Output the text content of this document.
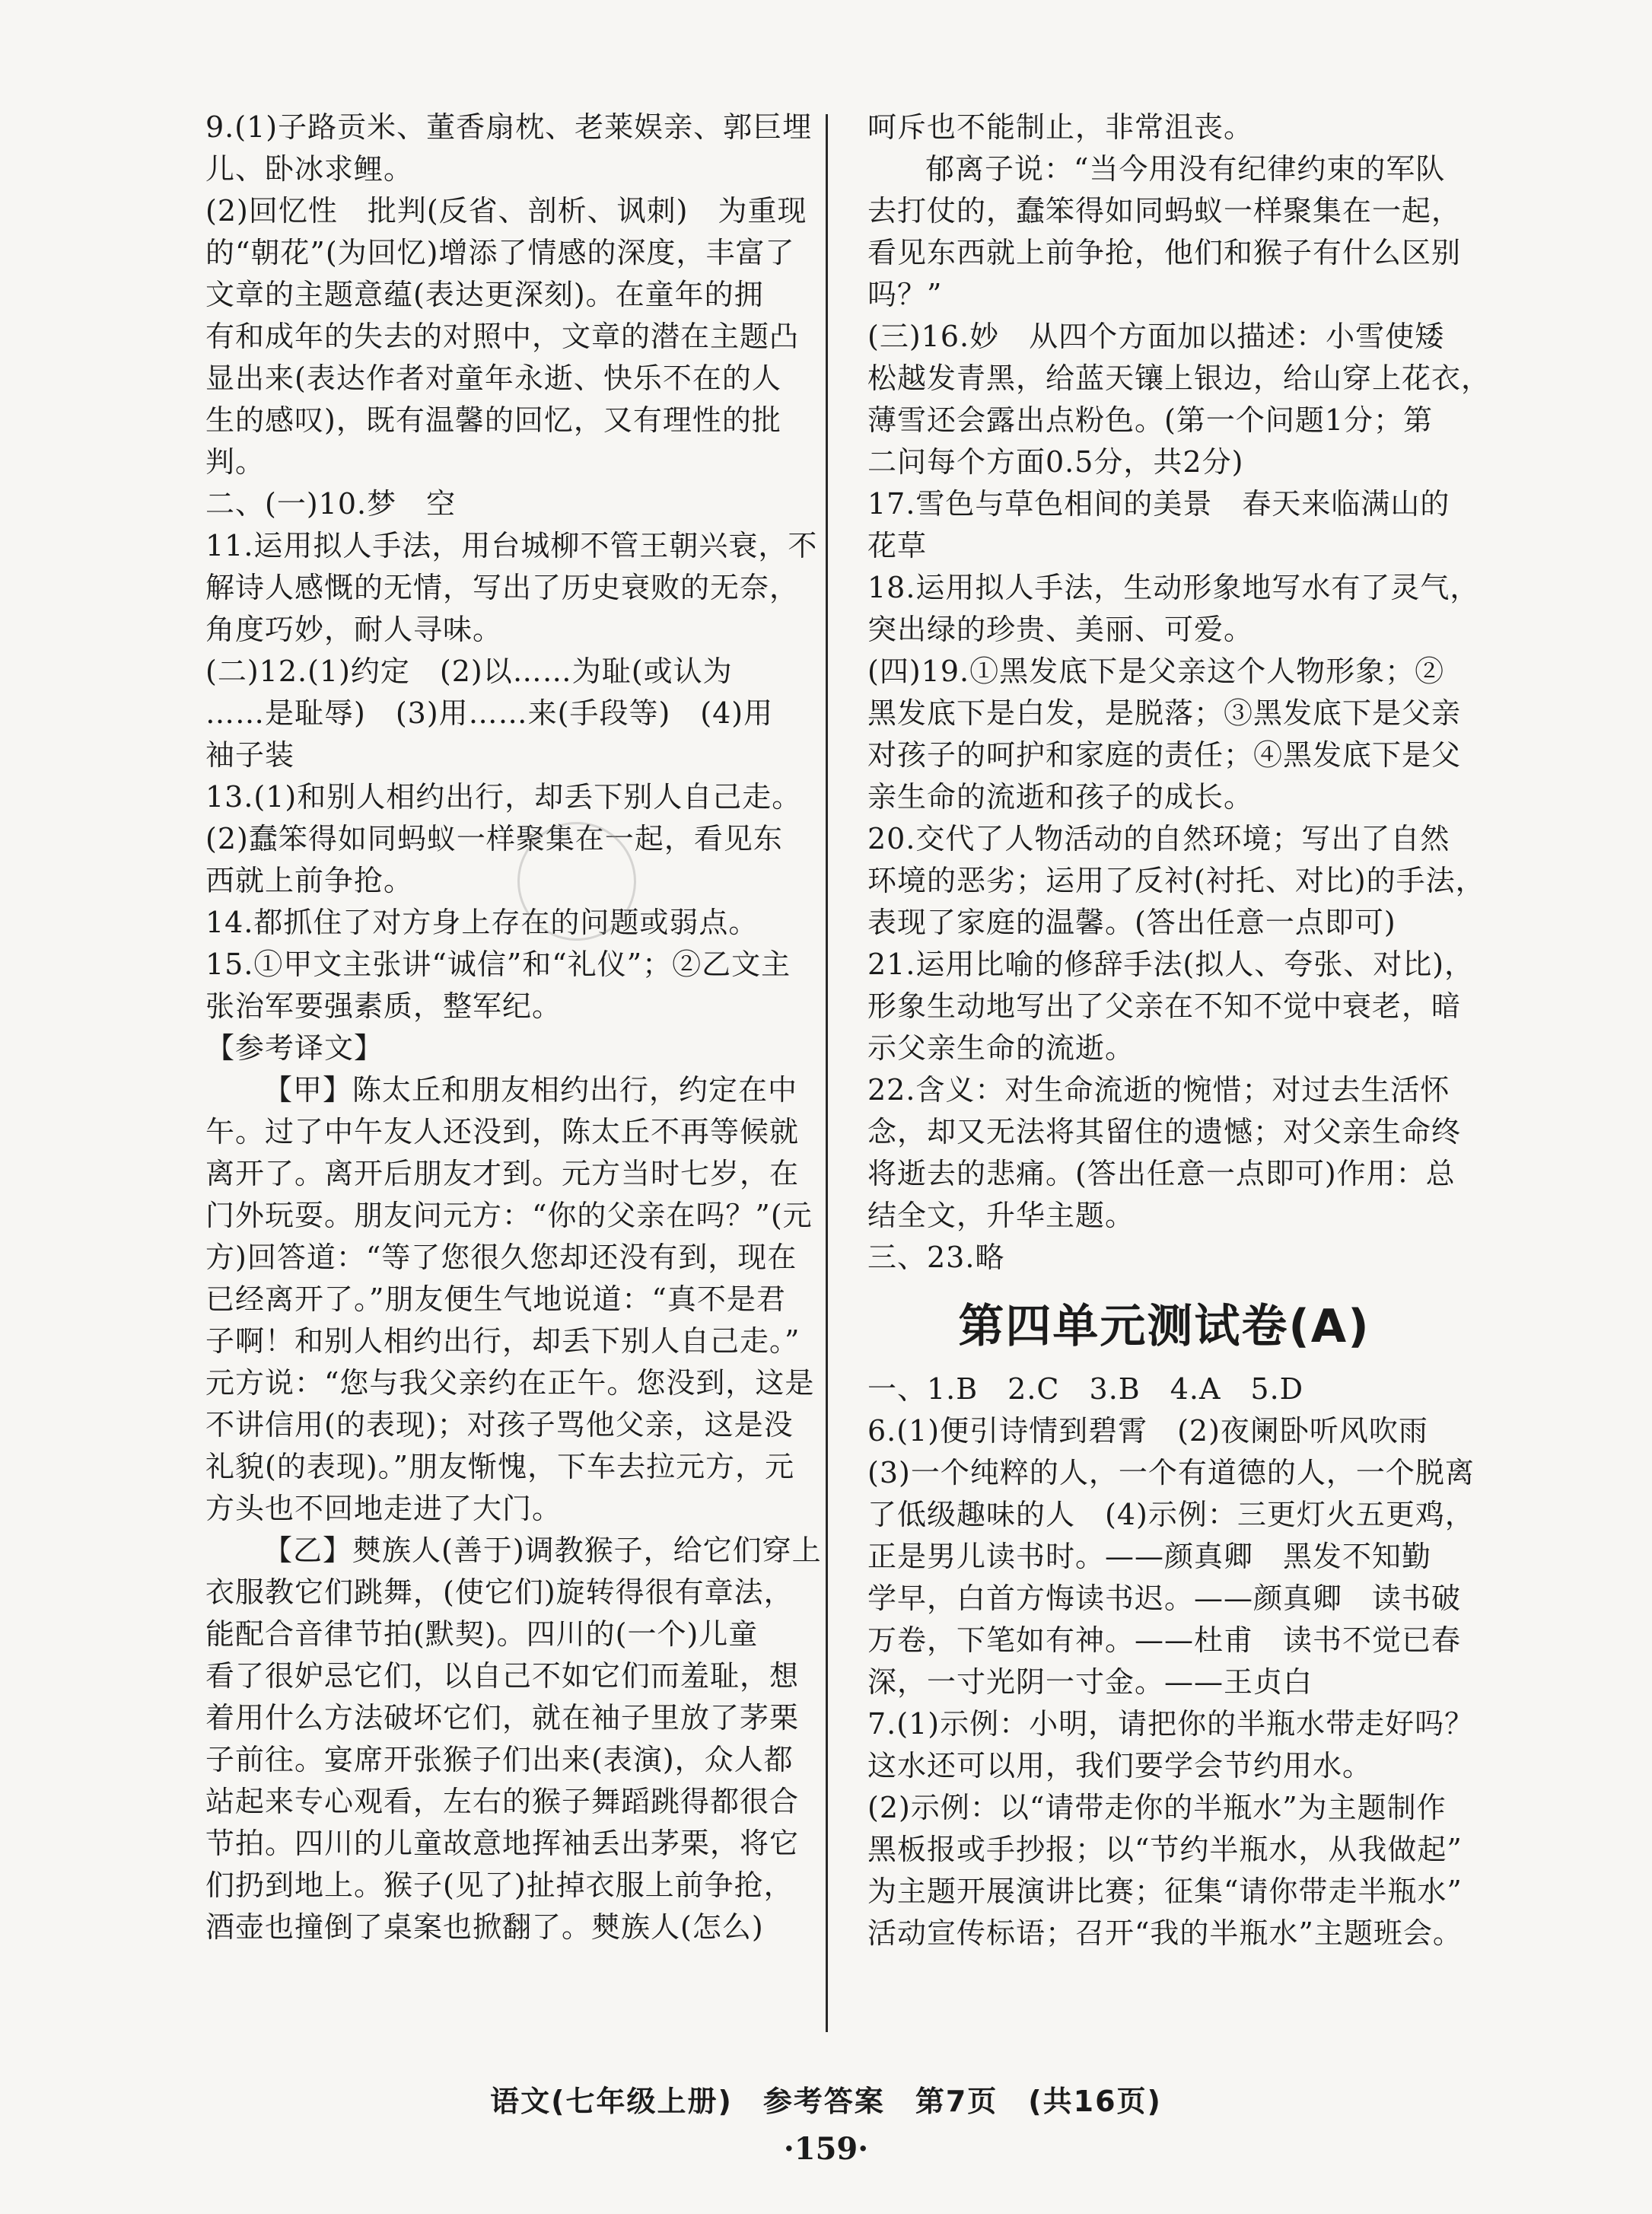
9.(1)子路贡米、董香扇枕、老莱娱亲、郭巨埋
儿、卧冰求鲤。
(2)回忆性　批判(反省、剖析、讽刺)　为重现
的“朝花”(为回忆)增添了情感的深度，丰富了
文章的主题意蕴(表达更深刻)。在童年的拥
有和成年的失去的对照中，文章的潜在主题凸
显出来(表达作者对童年永逝、快乐不在的人
生的感叹)，既有温馨的回忆，又有理性的批
判。
二、(一)10.梦　空
11.运用拟人手法，用台城柳不管王朝兴衰，不
解诗人感慨的无情，写出了历史衰败的无奈，
角度巧妙，耐人寻味。
(二)12.(1)约定　(2)以……为耻(或认为
……是耻辱)　(3)用……来(手段等)　(4)用
袖子装
13.(1)和别人相约出行，却丢下别人自己走。
(2)蠢笨得如同蚂蚁一样聚集在一起，看见东
西就上前争抢。
14.都抓住了对方身上存在的问题或弱点。
15.①甲文主张讲“诚信”和“礼仪”；②乙文主
张治军要强素质，整军纪。
【参考译文】
【甲】陈太丘和朋友相约出行，约定在中
午。过了中午友人还没到，陈太丘不再等候就
离开了。离开后朋友才到。元方当时七岁，在
门外玩耍。朋友问元方：“你的父亲在吗？”(元
方)回答道：“等了您很久您却还没有到，现在
已经离开了。”朋友便生气地说道：“真不是君
子啊！和别人相约出行，却丢下别人自己走。”
元方说：“您与我父亲约在正午。您没到，这是
不讲信用(的表现)；对孩子骂他父亲，这是没
礼貌(的表现)。”朋友惭愧，下车去拉元方，元
方头也不回地走进了大门。
【乙】僰族人(善于)调教猴子，给它们穿上
衣服教它们跳舞，(使它们)旋转得很有章法，
能配合音律节拍(默契)。四川的(一个)儿童
看了很妒忌它们，以自己不如它们而羞耻，想
着用什么方法破坏它们，就在袖子里放了茅栗
子前往。宴席开张猴子们出来(表演)，众人都
站起来专心观看，左右的猴子舞蹈跳得都很合
节拍。四川的儿童故意地挥袖丢出茅栗，将它
们扔到地上。猴子(见了)扯掉衣服上前争抢，
酒壶也撞倒了桌案也掀翻了。僰族人(怎么)
呵斥也不能制止，非常沮丧。
郁离子说：“当今用没有纪律约束的军队
去打仗的，蠢笨得如同蚂蚁一样聚集在一起，
看见东西就上前争抢，他们和猴子有什么区别
吗？”
(三)16.妙　从四个方面加以描述：小雪使矮
松越发青黑，给蓝天镶上银边，给山穿上花衣，
薄雪还会露出点粉色。(第一个问题1分；第
二问每个方面0.5分，共2分)
17.雪色与草色相间的美景　春天来临满山的
花草
18.运用拟人手法，生动形象地写水有了灵气，
突出绿的珍贵、美丽、可爱。
(四)19.①黑发底下是父亲这个人物形象；②
黑发底下是白发，是脱落；③黑发底下是父亲
对孩子的呵护和家庭的责任；④黑发底下是父
亲生命的流逝和孩子的成长。
20.交代了人物活动的自然环境；写出了自然
环境的恶劣；运用了反衬(衬托、对比)的手法，
表现了家庭的温馨。(答出任意一点即可)
21.运用比喻的修辞手法(拟人、夸张、对比)，
形象生动地写出了父亲在不知不觉中衰老，暗
示父亲生命的流逝。
22.含义：对生命流逝的惋惜；对过去生活怀
念，却又无法将其留住的遗憾；对父亲生命终
将逝去的悲痛。(答出任意一点即可)作用：总
结全文，升华主题。
三、23.略
第四单元测试卷(A)
一、1.B　2.C　3.B　4.A　5.D
6.(1)便引诗情到碧霄　(2)夜阑卧听风吹雨
(3)一个纯粹的人，一个有道德的人，一个脱离
了低级趣味的人　(4)示例：三更灯火五更鸡，
正是男儿读书时。——颜真卿　黑发不知勤
学早，白首方悔读书迟。——颜真卿　读书破
万卷，下笔如有神。——杜甫　读书不觉已春
深，一寸光阴一寸金。——王贞白
7.(1)示例：小明，请把你的半瓶水带走好吗？
这水还可以用，我们要学会节约用水。
(2)示例：以“请带走你的半瓶水”为主题制作
黑板报或手抄报；以“节约半瓶水，从我做起”
为主题开展演讲比赛；征集“请你带走半瓶水”
活动宣传标语；召开“我的半瓶水”主题班会。
语文(七年级上册)　参考答案　第7页　(共16页)
·159·
